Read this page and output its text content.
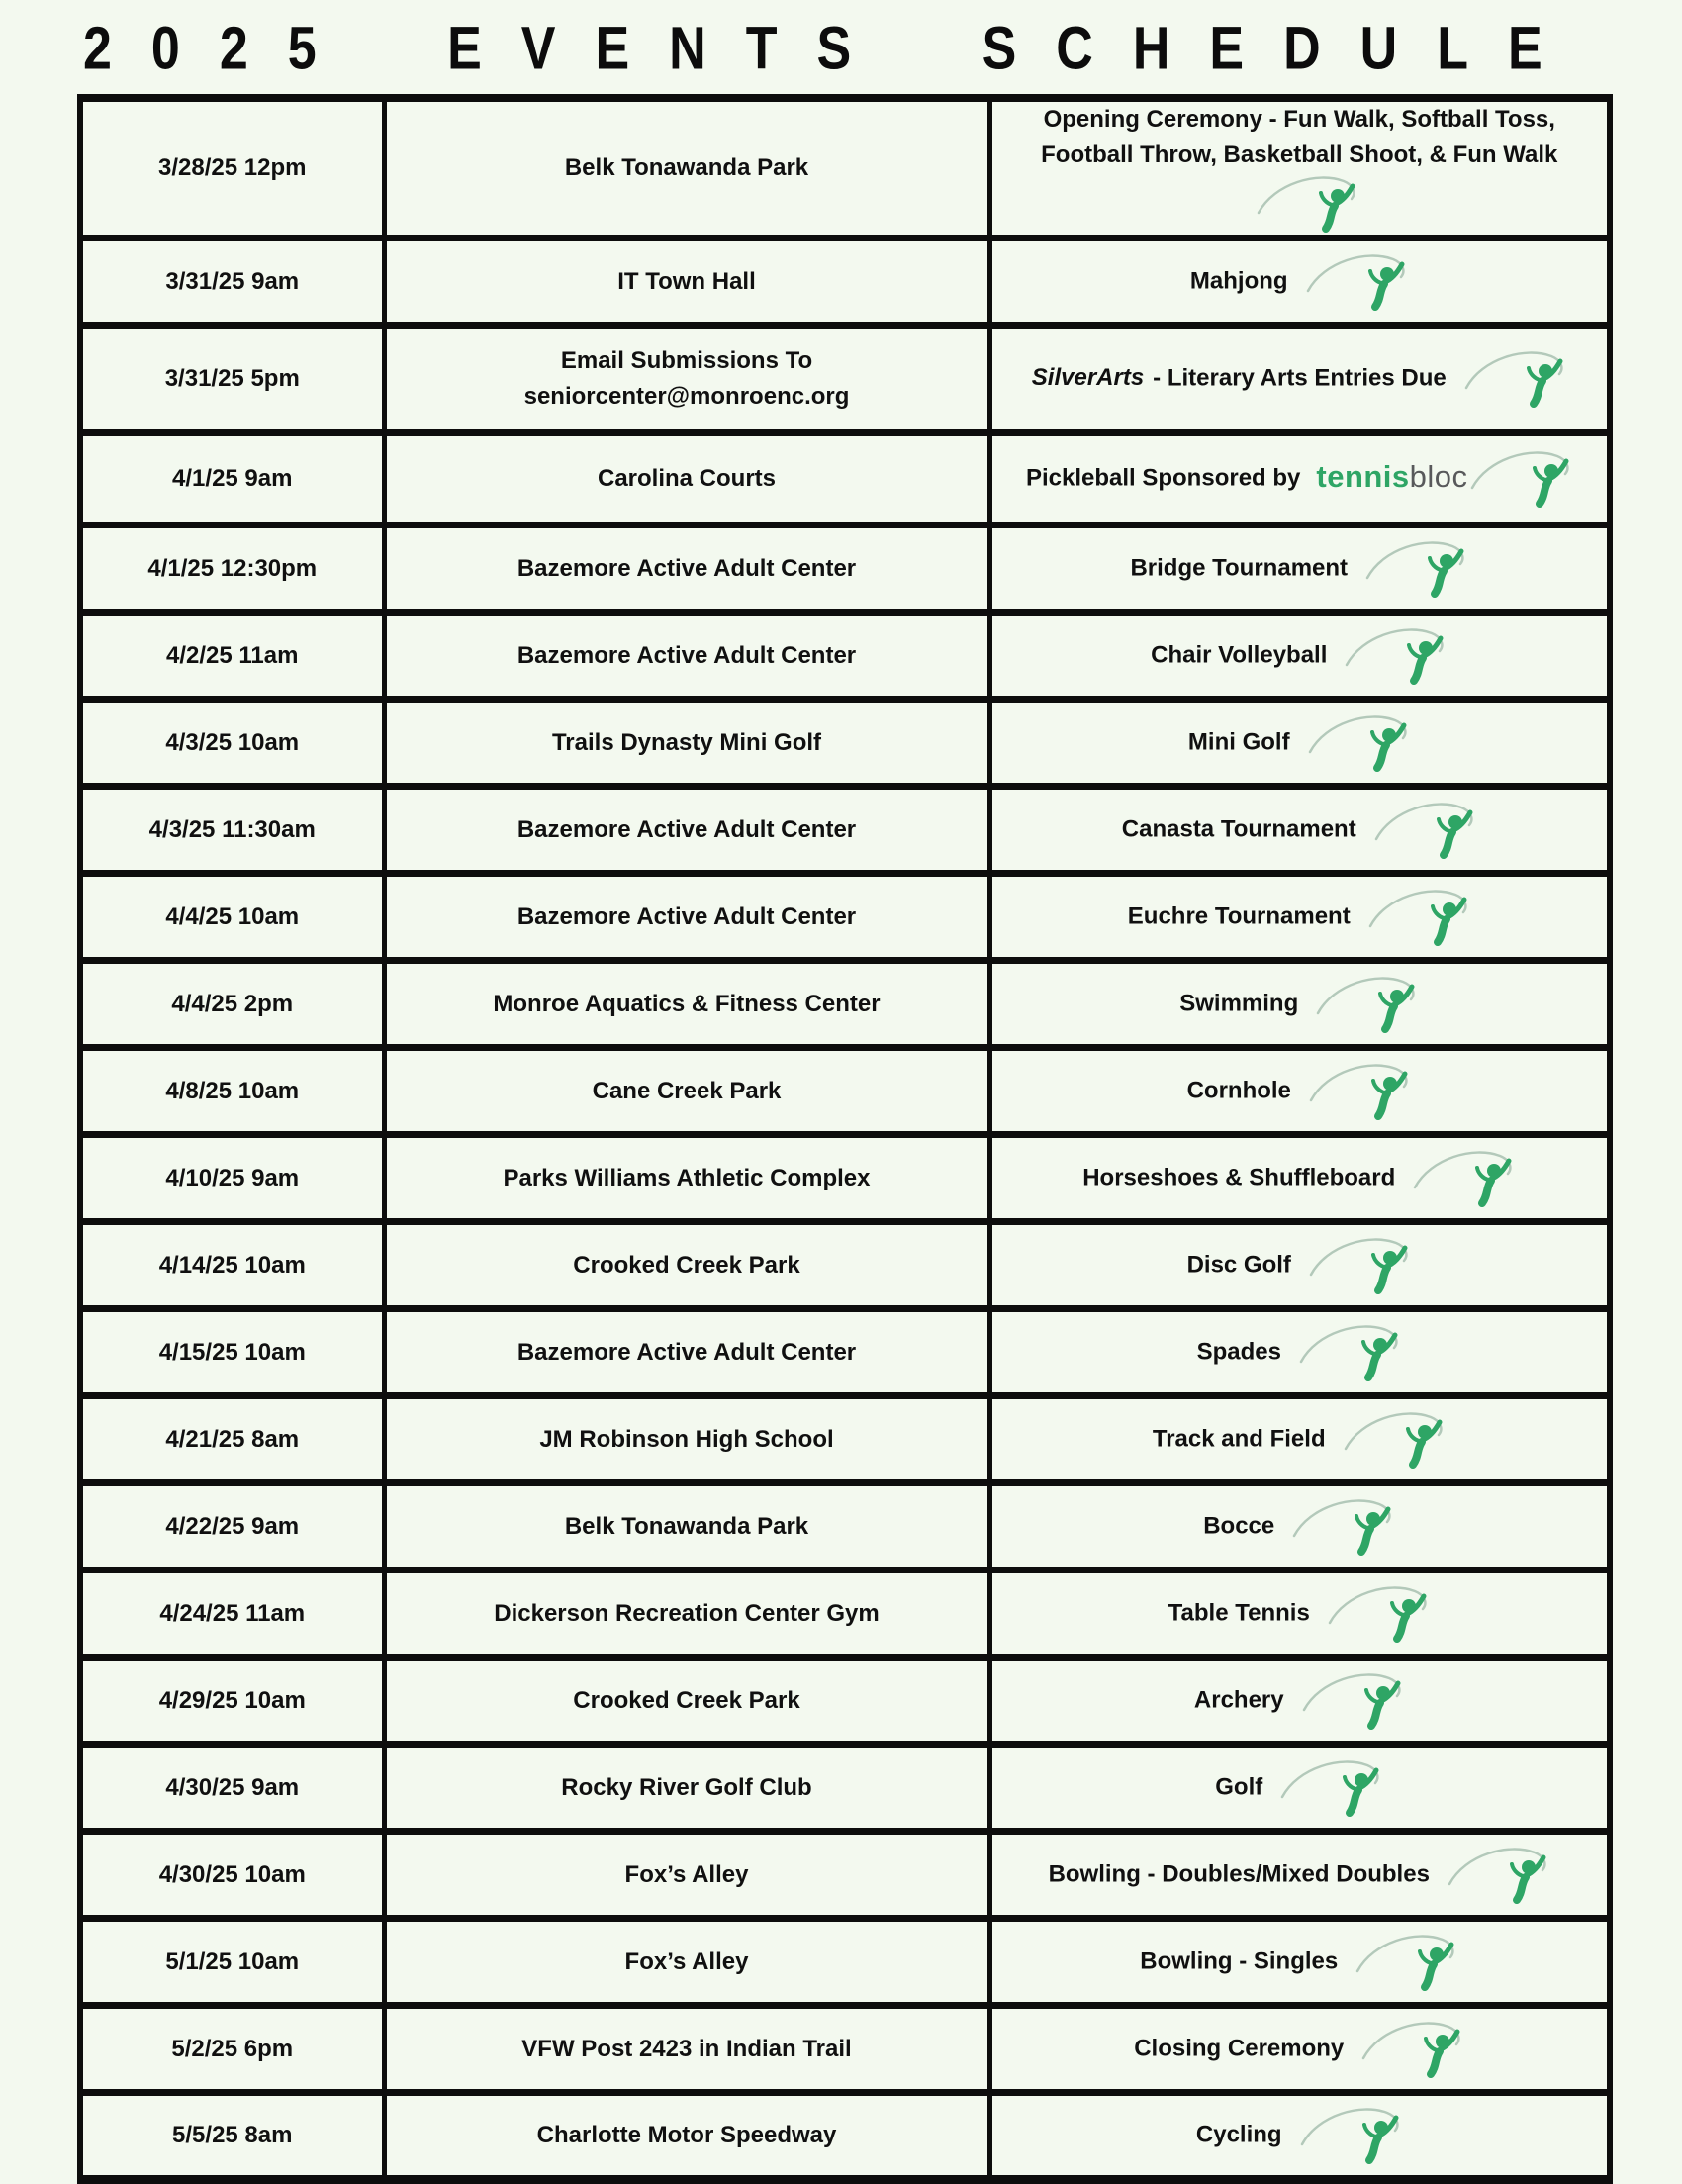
2025 EVENTS SCHEDULE
3/28/25 12pm	Belk Tonawanda Park	Opening Ceremony - Fun Walk, Softball Toss, Football Throw, Basketball Shoot, & Fun Walk

3/31/25 9am	IT Town Hall	Mahjong

3/31/25 5pm	Email Submissions To seniorcenter@monroenc.org	SilverArts - Literary Arts Entries Due

4/1/25 9am	Carolina Courts	Pickleball Sponsored by tennis bloc

4/1/25 12:30pm	Bazemore Active Adult Center	Bridge Tournament

4/2/25 11am	Bazemore Active Adult Center	Chair Volleyball

4/3/25 10am	Trails Dynasty Mini Golf	Mini Golf

4/3/25 11:30am	Bazemore Active Adult Center	Canasta Tournament

4/4/25 10am	Bazemore Active Adult Center	Euchre Tournament

4/4/25 2pm	Monroe Aquatics & Fitness Center	Swimming

4/8/25 10am	Cane Creek Park	Cornhole

4/10/25 9am	Parks Williams Athletic Complex	Horseshoes & Shuffleboard

4/14/25 10am	Crooked Creek Park	Disc Golf

4/15/25 10am	Bazemore Active Adult Center	Spades

4/21/25 8am	JM Robinson High School	Track and Field

4/22/25 9am	Belk Tonawanda Park	Bocce

4/24/25 11am	Dickerson Recreation Center Gym	Table Tennis

4/29/25 10am	Crooked Creek Park	Archery

4/30/25 9am	Rocky River Golf Club	Golf

4/30/25 10am	Fox’s Alley	Bowling - Doubles/Mixed Doubles

5/1/25 10am	Fox’s Alley	Bowling - Singles

5/2/25 6pm	VFW Post 2423 in Indian Trail	Closing Ceremony

5/5/25 8am	Charlotte Motor Speedway	Cycling
